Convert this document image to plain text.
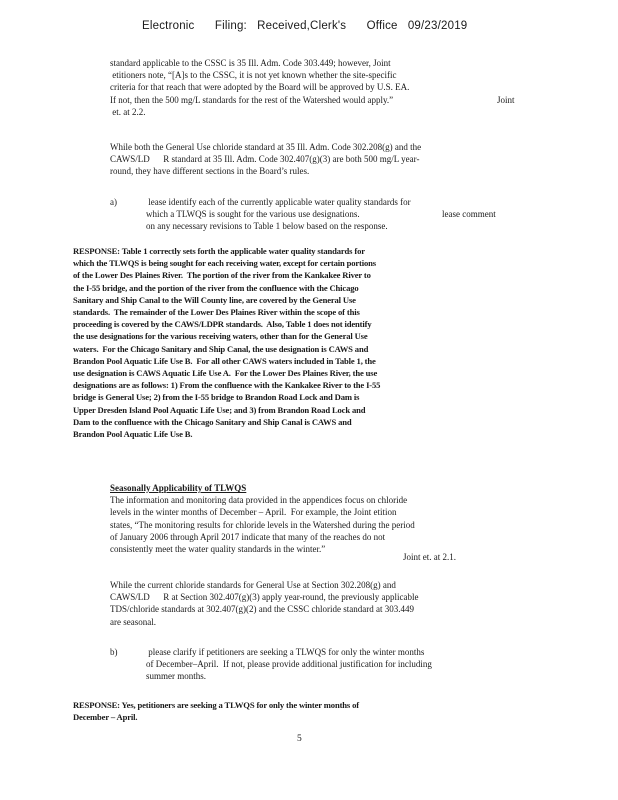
Electronic      Filing:   Received,Clerk's      Office   09/23/2019
standard applicable to the CSSC is 35 Ill. Adm. Code 303.449; however, Joint
etitioners note, “[A]s to the CSSC, it is not yet known whether the site-specific
criteria for that reach that were adopted by the Board will be approved by U.S. EA.
If not, then the 500 mg/L standards for the rest of the Watershed would apply.”
et. at 2.2.
Joint
While both the General Use chloride standard at 35 Ill. Adm. Code 302.208(g) and the
CAWS/LD      R standard at 35 Ill. Adm. Code 302.407(g)(3) are both 500 mg/L year-
round, they have different sections in the Board’s rules.
a)	lease identify each of the currently applicable water quality standards for
which a TLWQS is sought for the various use designations.
on any necessary revisions to Table 1 below based on the response.
lease comment
RESPONSE: Table 1 correctly sets forth the applicable water quality standards for
which the TLWQS is being sought for each receiving water, except for certain portions
of the Lower Des Plaines River.  The portion of the river from the Kankakee River to
the I-55 bridge, and the portion of the river from the confluence with the Chicago
Sanitary and Ship Canal to the Will County line, are covered by the General Use
standards.  The remainder of the Lower Des Plaines River within the scope of this
proceeding is covered by the CAWS/LDPR standards.  Also, Table 1 does not identify
the use designations for the various receiving waters, other than for the General Use
waters.  For the Chicago Sanitary and Ship Canal, the use designation is CAWS and
Brandon Pool Aquatic Life Use B.  For all other CAWS waters included in Table 1, the
use designation is CAWS Aquatic Life Use A.  For the Lower Des Plaines River, the use
designations are as follows: 1) From the confluence with the Kankakee River to the I-55
bridge is General Use; 2) from the I-55 bridge to Brandon Road Lock and Dam is
Upper Dresden Island Pool Aquatic Life Use; and 3) from Brandon Road Lock and
Dam to the confluence with the Chicago Sanitary and Ship Canal is CAWS and
Brandon Pool Aquatic Life Use B.
Seasonally Applicability of TLWQS
The information and monitoring data provided in the appendices focus on chloride
levels in the winter months of December – April.  For example, the Joint etition
states, “The monitoring results for chloride levels in the Watershed during the period
of January 2006 through April 2017 indicate that many of the reaches do not
consistently meet the water quality standards in the winter.”
Joint et. at 2.1.
While the current chloride standards for General Use at Section 302.208(g) and
CAWS/LD      R at Section 302.407(g)(3) apply year-round, the previously applicable
TDS/chloride standards at 302.407(g)(2) and the CSSC chloride standard at 303.449
are seasonal.
b)	please clarify if petitioners are seeking a TLWQS for only the winter months
of December–April.  If not, please provide additional justification for including
summer months.
RESPONSE: Yes, petitioners are seeking a TLWQS for only the winter months of
December – April.
5
